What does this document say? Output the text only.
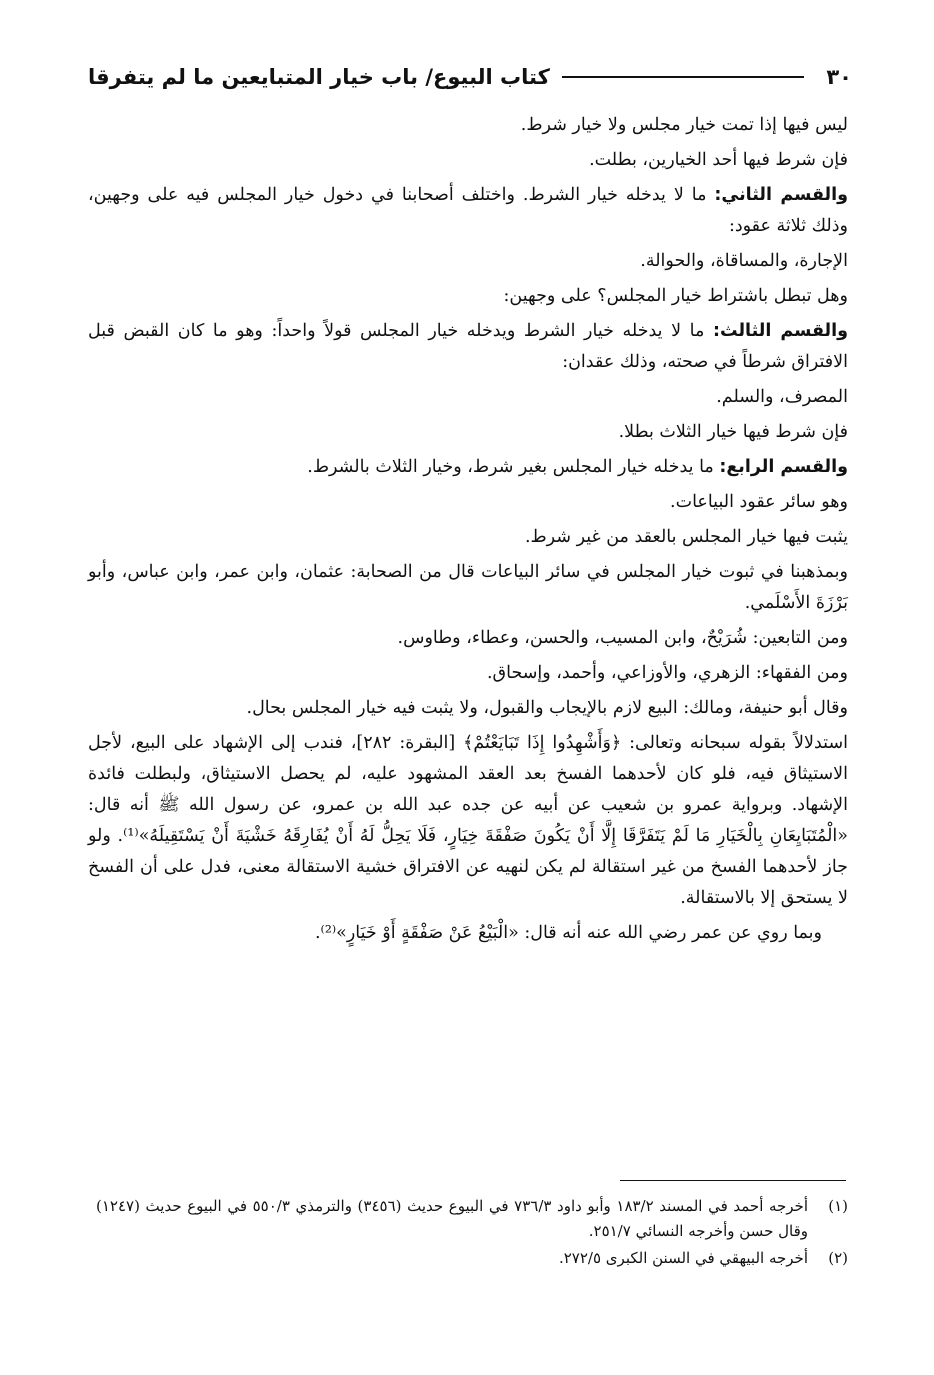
٣٠
كتاب البيوع/ باب خيار المتبايعين ما لم يتفرقا

ليس فيها إذا تمت خيار مجلس ولا خيار شرط.

فإن شرط فيها أحد الخيارين، بطلت.

والقسم الثاني: ما لا يدخله خيار الشرط. واختلف أصحابنا في دخول خيار المجلس فيه على وجهين، وذلك ثلاثة عقود:

الإجارة، والمساقاة، والحوالة.

وهل تبطل باشتراط خيار المجلس؟ على وجهين:

والقسم الثالث: ما لا يدخله خيار الشرط ويدخله خيار المجلس قولاً واحداً: وهو ما كان القبض قبل الافتراق شرطاً في صحته، وذلك عقدان:

المصرف، والسلم.

فإن شرط فيها خيار الثلاث بطلا.

والقسم الرابع: ما يدخله خيار المجلس بغير شرط، وخيار الثلاث بالشرط.

وهو سائر عقود البياعات.

يثبت فيها خيار المجلس بالعقد من غير شرط.

وبمذهبنا في ثبوت خيار المجلس في سائر البياعات قال من الصحابة: عثمان، وابن عمر، وابن عباس، وأبو بَرْزَةَ الأَسْلَمي.

ومن التابعين: شُرَيْحٌ، وابن المسيب، والحسن، وعطاء، وطاوس.

ومن الفقهاء: الزهري، والأوزاعي، وأحمد، وإسحاق.

وقال أبو حنيفة، ومالك: البيع لازم بالإيجاب والقبول، ولا يثبت فيه خيار المجلس بحال.

استدلالاً بقوله سبحانه وتعالى: ﴿وَأَشْهِدُوا إِذَا تَبَايَعْتُمْ﴾ [البقرة: ٢٨٢]، فندب إلى الإشهاد على البيع، لأجل الاستيثاق فيه، فلو كان لأحدهما الفسخ بعد العقد المشهود عليه، لم يحصل الاستيثاق، ولبطلت فائدة الإشهاد. وبرواية عمرو بن شعيب عن أبيه عن جده عبد الله بن عمرو، عن رسول الله ﷺ أنه قال: «الْمُتَبَايِعَانِ بِالْخَيَارِ مَا لَمْ يَتَفَرَّقَا إِلَّا أَنْ يَكُونَ صَفْقَةَ خِيَارٍ، فَلَا يَحِلُّ لَهُ أَنْ يُفَارِقَهُ خَشْيَةَ أَنْ يَسْتَقِيلَهُ»⁽¹⁾. ولو جاز لأحدهما الفسخ من غير استقالة لم يكن لنهيه عن الافتراق خشية الاستقالة معنى، فدل على أن الفسخ لا يستحق إلا بالاستقالة.

وبما روي عن عمر رضي الله عنه أنه قال: «الْبَيْعُ عَنْ صَفْقَةٍ أَوْ خَيَارٍ»⁽²⁾.

(١)
أخرجه أحمد في المسند ١٨٣/٢ وأبو داود ٧٣٦/٣ في البيوع حديث (٣٤٥٦) والترمذي ٥٥٠/٣ في البيوع حديث (١٢٤٧) وقال حسن وأخرجه النسائي ٢٥١/٧.
(٢)
أخرجه البيهقي في السنن الكبرى ٢٧٢/٥.
